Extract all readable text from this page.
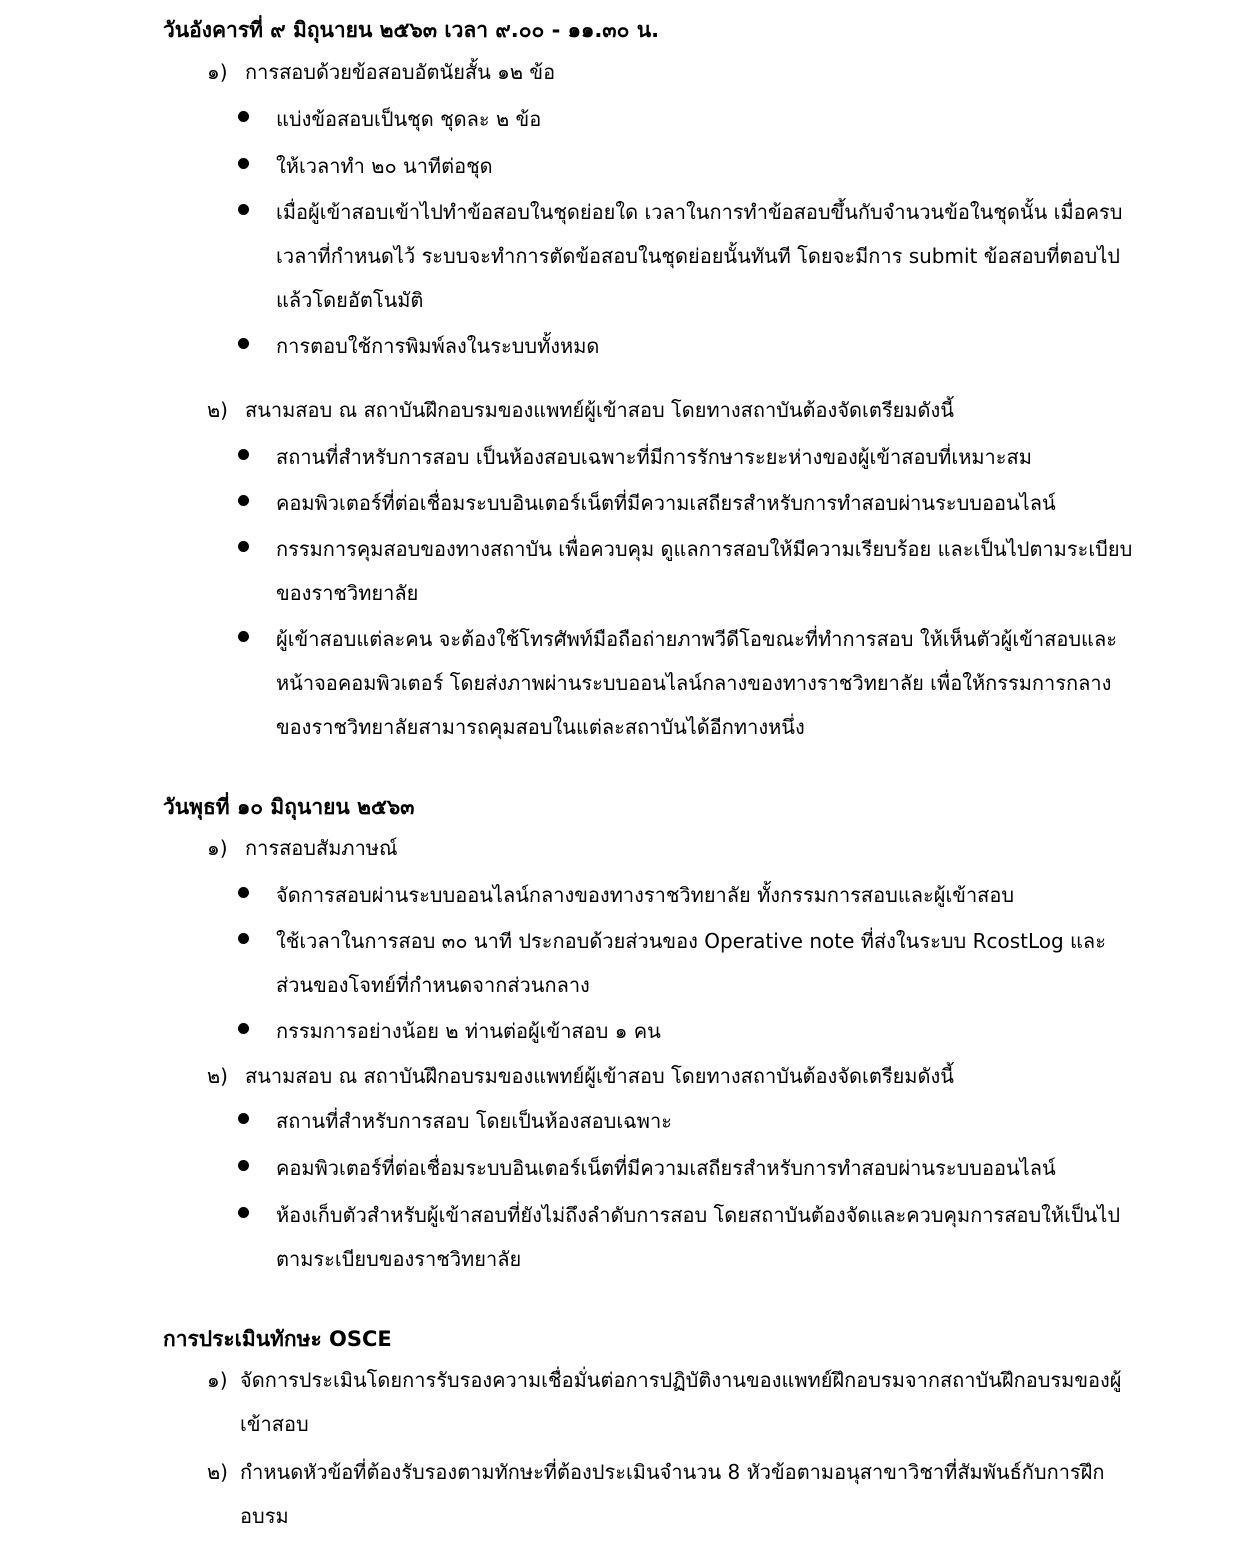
วันอังคารที่ ๙ มิถุนายน ๒๕๖๓ เวลา ๙.๐๐ - ๑๑.๓๐ น.

๑) การสอบด้วยข้อสอบอัตนัยสั้น ๑๒ ข้อ

แบ่งข้อสอบเป็นชุด ชุดละ ๒ ข้อ
ให้เวลาทำ ๒๐ นาทีต่อชุด
เมื่อผู้เข้าสอบเข้าไปทำข้อสอบในชุดย่อยใด เวลาในการทำข้อสอบขึ้นกับจำนวนข้อในชุดนั้น เมื่อครบเวลาที่กำหนดไว้ ระบบจะทำการตัดข้อสอบในชุดย่อยนั้นทันที โดยจะมีการ submit ข้อสอบที่ตอบไปแล้วโดยอัตโนมัติ
การตอบใช้การพิมพ์ลงในระบบทั้งหมด

๒) สนามสอบ ณ สถาบันฝึกอบรมของแพทย์ผู้เข้าสอบ โดยทางสถาบันต้องจัดเตรียมดังนี้

สถานที่สำหรับการสอบ เป็นห้องสอบเฉพาะที่มีการรักษาระยะห่างของผู้เข้าสอบที่เหมาะสม
คอมพิวเตอร์ที่ต่อเชื่อมระบบอินเตอร์เน็ตที่มีความเสถียรสำหรับการทำสอบผ่านระบบออนไลน์
กรรมการคุมสอบของทางสถาบัน เพื่อควบคุม ดูแลการสอบให้มีความเรียบร้อย และเป็นไปตามระเบียบของราชวิทยาลัย
ผู้เข้าสอบแต่ละคน จะต้องใช้โทรศัพท์มือถือถ่ายภาพวีดีโอขณะที่ทำการสอบ ให้เห็นตัวผู้เข้าสอบและหน้าจอคอมพิวเตอร์ โดยส่งภาพผ่านระบบออนไลน์กลางของทางราชวิทยาลัย เพื่อให้กรรมการกลางของราชวิทยาลัยสามารถคุมสอบในแต่ละสถาบันได้อีกทางหนึ่ง

วันพุธที่ ๑๐ มิถุนายน ๒๕๖๓

๑) การสอบสัมภาษณ์

จัดการสอบผ่านระบบออนไลน์กลางของทางราชวิทยาลัย ทั้งกรรมการสอบและผู้เข้าสอบ
ใช้เวลาในการสอบ ๓๐ นาที ประกอบด้วยส่วนของ Operative note ที่ส่งในระบบ RcostLog และส่วนของโจทย์ที่กำหนดจากส่วนกลาง
กรรมการอย่างน้อย ๒ ท่านต่อผู้เข้าสอบ ๑ คน

๒) สนามสอบ ณ สถาบันฝึกอบรมของแพทย์ผู้เข้าสอบ โดยทางสถาบันต้องจัดเตรียมดังนี้

สถานที่สำหรับการสอบ โดยเป็นห้องสอบเฉพาะ
คอมพิวเตอร์ที่ต่อเชื่อมระบบอินเตอร์เน็ตที่มีความเสถียรสำหรับการทำสอบผ่านระบบออนไลน์
ห้องเก็บตัวสำหรับผู้เข้าสอบที่ยังไม่ถึงลำดับการสอบ โดยสถาบันต้องจัดและควบคุมการสอบให้เป็นไปตามระเบียบของราชวิทยาลัย

การประเมินทักษะ OSCE

๑) จัดการประเมินโดยการรับรองความเชื่อมั่นต่อการปฏิบัติงานของแพทย์ฝึกอบรมจากสถาบันฝึกอบรมของผู้เข้าสอบ
๒) กำหนดหัวข้อที่ต้องรับรองตามทักษะที่ต้องประเมินจำนวน 8 หัวข้อตามอนุสาขาวิชาที่สัมพันธ์กับการฝึกอบรม
